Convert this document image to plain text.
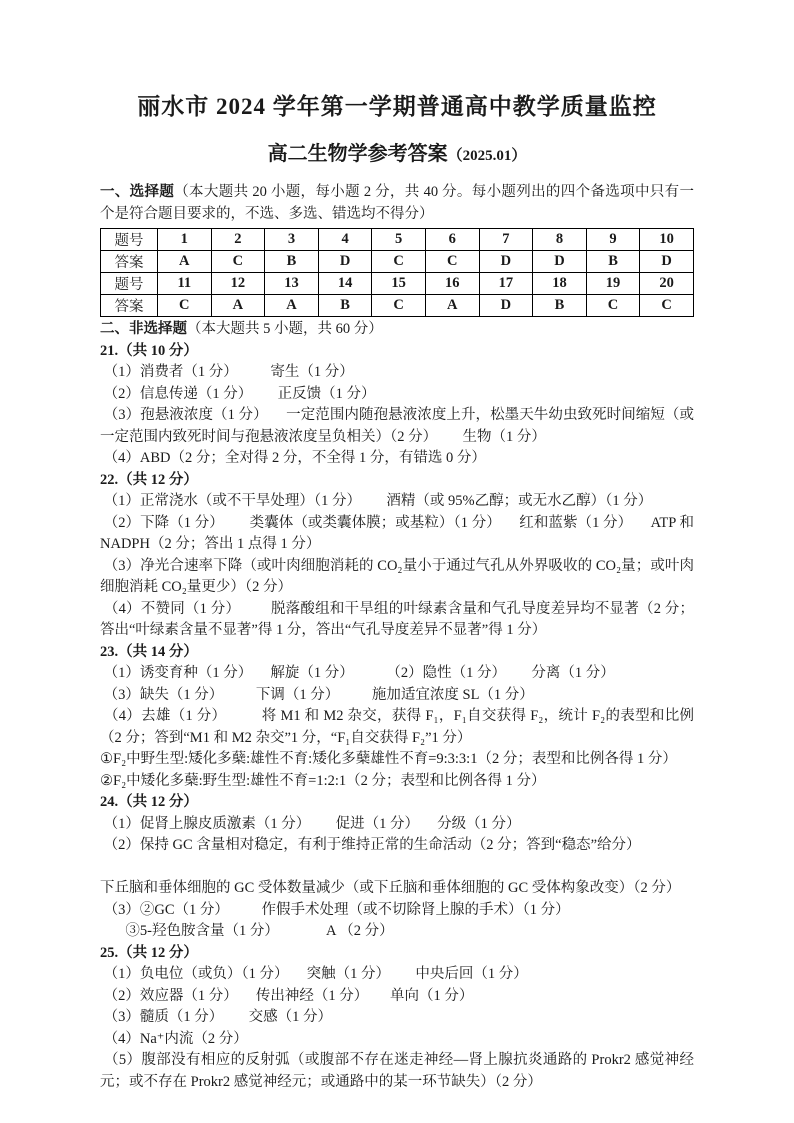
丽水市 2024 学年第一学期普通高中教学质量监控
高二生物学参考答案（2025.01）

一、选择题（本大题共 20 小题，每小题 2 分，共 40 分。每小题列出的四个备选项中只有一个是符合题目要求的，不选、多选、错选均不得分）

题号	1	2	3	4	5	6	7	8	9	10
答案	A	C	B	D	C	C	D	D	B	D
题号	11	12	13	14	15	16	17	18	19	20
答案	C	A	A	B	C	A	D	B	C	C

二、非选择题（本大题共 5 小题，共 60 分）

21.（共 10 分）

（1）消费者（1 分）         寄生（1 分）

（2）信息传递（1 分）       正反馈（1 分）

（3）孢悬液浓度（1 分）     一定范围内随孢悬液浓度上升，松墨天牛幼虫致死时间缩短（或一定范围内致死时间与孢悬液浓度呈负相关）（2 分）       生物（1 分）

（4）ABD（2 分；全对得 2 分，不全得 1 分，有错选 0 分）

22.（共 12 分）

（1）正常浇水（或不干旱处理）（1 分）       酒精（或 95%乙醇；或无水乙醇）（1 分）

（2）下降（1 分）       类囊体（或类囊体膜；或基粒）（1 分）     红和蓝紫（1 分）     ATP 和 NADPH（2 分；答出 1 点得 1 分）

（3）净光合速率下降（或叶肉细胞消耗的 CO₂量小于通过气孔从外界吸收的 CO₂量；或叶肉细胞消耗 CO₂量更少）（2 分）

（4）不赞同（1 分）        脱落酸组和干旱组的叶绿素含量和气孔导度差异均不显著（2 分；答出“叶绿素含量不显著”得 1 分，答出“气孔导度差异不显著”得 1 分）

23.（共 14 分）

（1）诱变育种（1 分）     解旋（1 分）         （2）隐性（1 分）       分离（1 分）

（3）缺失（1 分）         下调（1 分）         施加适宜浓度 SL（1 分）

（4）去雄（1 分）         将 M1 和 M2 杂交，获得 F₁，F₁自交获得 F₂，统计 F₂的表型和比例（2 分；答到“M1 和 M2 杂交”1 分，“F₁自交获得 F₂”1 分）

①F₂中野生型:矮化多蘖:雄性不育:矮化多蘖雄性不育=9:3:3:1（2 分；表型和比例各得 1 分）

②F₂中矮化多蘖:野生型:雄性不育=1:2:1（2 分；表型和比例各得 1 分）

24.（共 12 分）

（1）促肾上腺皮质激素（1 分）       促进（1 分）     分级（1 分）

（2）保持 GC 含量相对稳定，有利于维持正常的生命活动（2 分；答到“稳态”给分）

下丘脑和垂体细胞的 GC 受体数量减少（或下丘脑和垂体细胞的 GC 受体构象改变）（2 分）

（3）②GC（1 分）         作假手术处理（或不切除肾上腺的手术）（1 分）

③5-羟色胺含量（1 分）             A （2 分）

25.（共 12 分）

（1）负电位（或负）（1 分）     突触（1 分）       中央后回（1 分）

（2）效应器（1 分）     传出神经（1 分）      单向（1 分）

（3）髓质（1 分）       交感（1 分）

（4）Na⁺内流（2 分）

（5）腹部没有相应的反射弧（或腹部不存在迷走神经—肾上腺抗炎通路的 Prokr2 感觉神经元；或不存在 Prokr2 感觉神经元；或通路中的某一环节缺失）（2 分）
